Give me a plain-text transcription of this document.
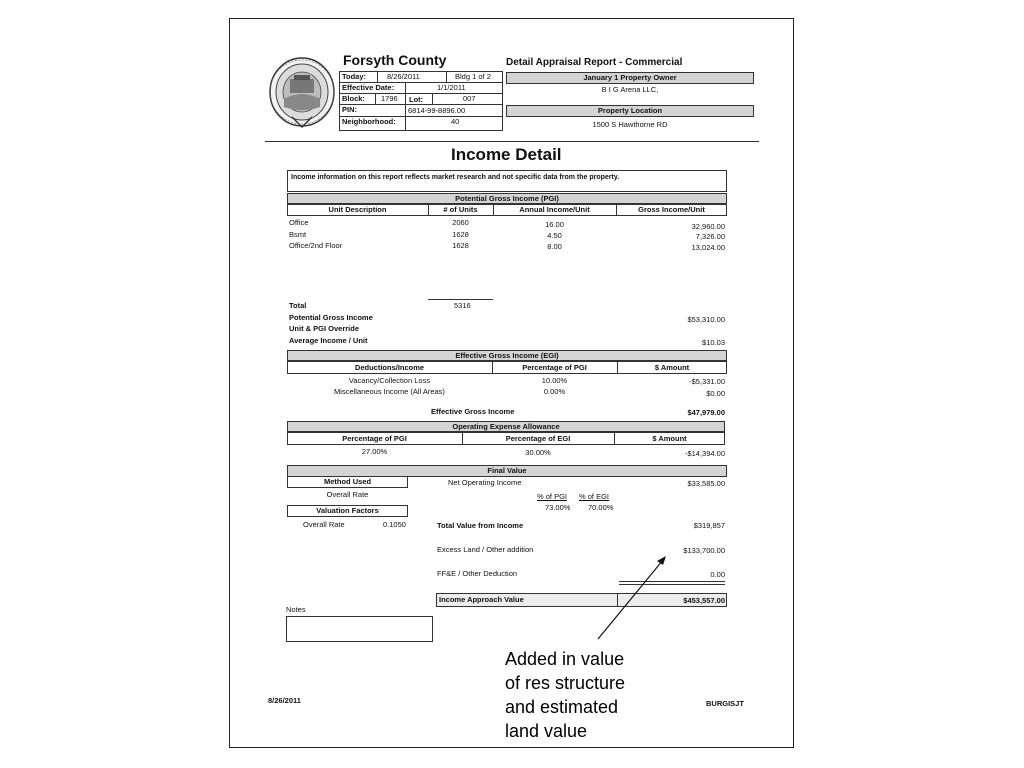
Forsyth County	Detail Appraisal Report - Commercial
Today:	8/26/2011	Bldg 1 of 2
Effective Date:	1/1/2011
Block: 1796 Lot:	007
PIN:	6814-99-8896.00
Neighborhood:	40
January 1 Property Owner
B I G Arena LLC,
Property Location
1500 S Hawthorne RD
Income Detail
Income information on this report reflects market research and not specific data from the property.
Potential Gross Income (PGI)
Unit Description	# of Units	Annual Income/Unit	Gross Income/Unit
Office	2060	16.00	32,960.00
Bsmt	1628	4.50	7,326.00
Office/2nd Floor	1628	8.00	13,024.00
Total	5316
Potential Gross Income	$53,310.00
Unit & PGI Override
Average Income / Unit	$10.03
Effective Gross Income (EGI)
Deductions/Income	Percentage of PGI	$ Amount
Vacancy/Collection Loss	10.00%	-$5,331.00
Miscellaneous Income (All Areas)	0.00%	$0.00
Effective Gross Income	$47,979.00
Operating Expense Allowance
Percentage of PGI	Percentage of EGI	$ Amount
27.00%	30.00%	-$14,394.00
Final Value
Method Used
Overall Rate
Net Operating Income	$33,585.00
% of PGI % of EGI
73.00% 70.00%
Valuation Factors
Overall Rate	0.1050	Total Value from Income	$319,857
Excess Land / Other addition	$133,700.00
FF&E / Other Deduction	0.00
Income Approach Value	$453,557.00
Notes
8/26/2011	BURGISJT
Added in value
of res structure
and estimated
land value
